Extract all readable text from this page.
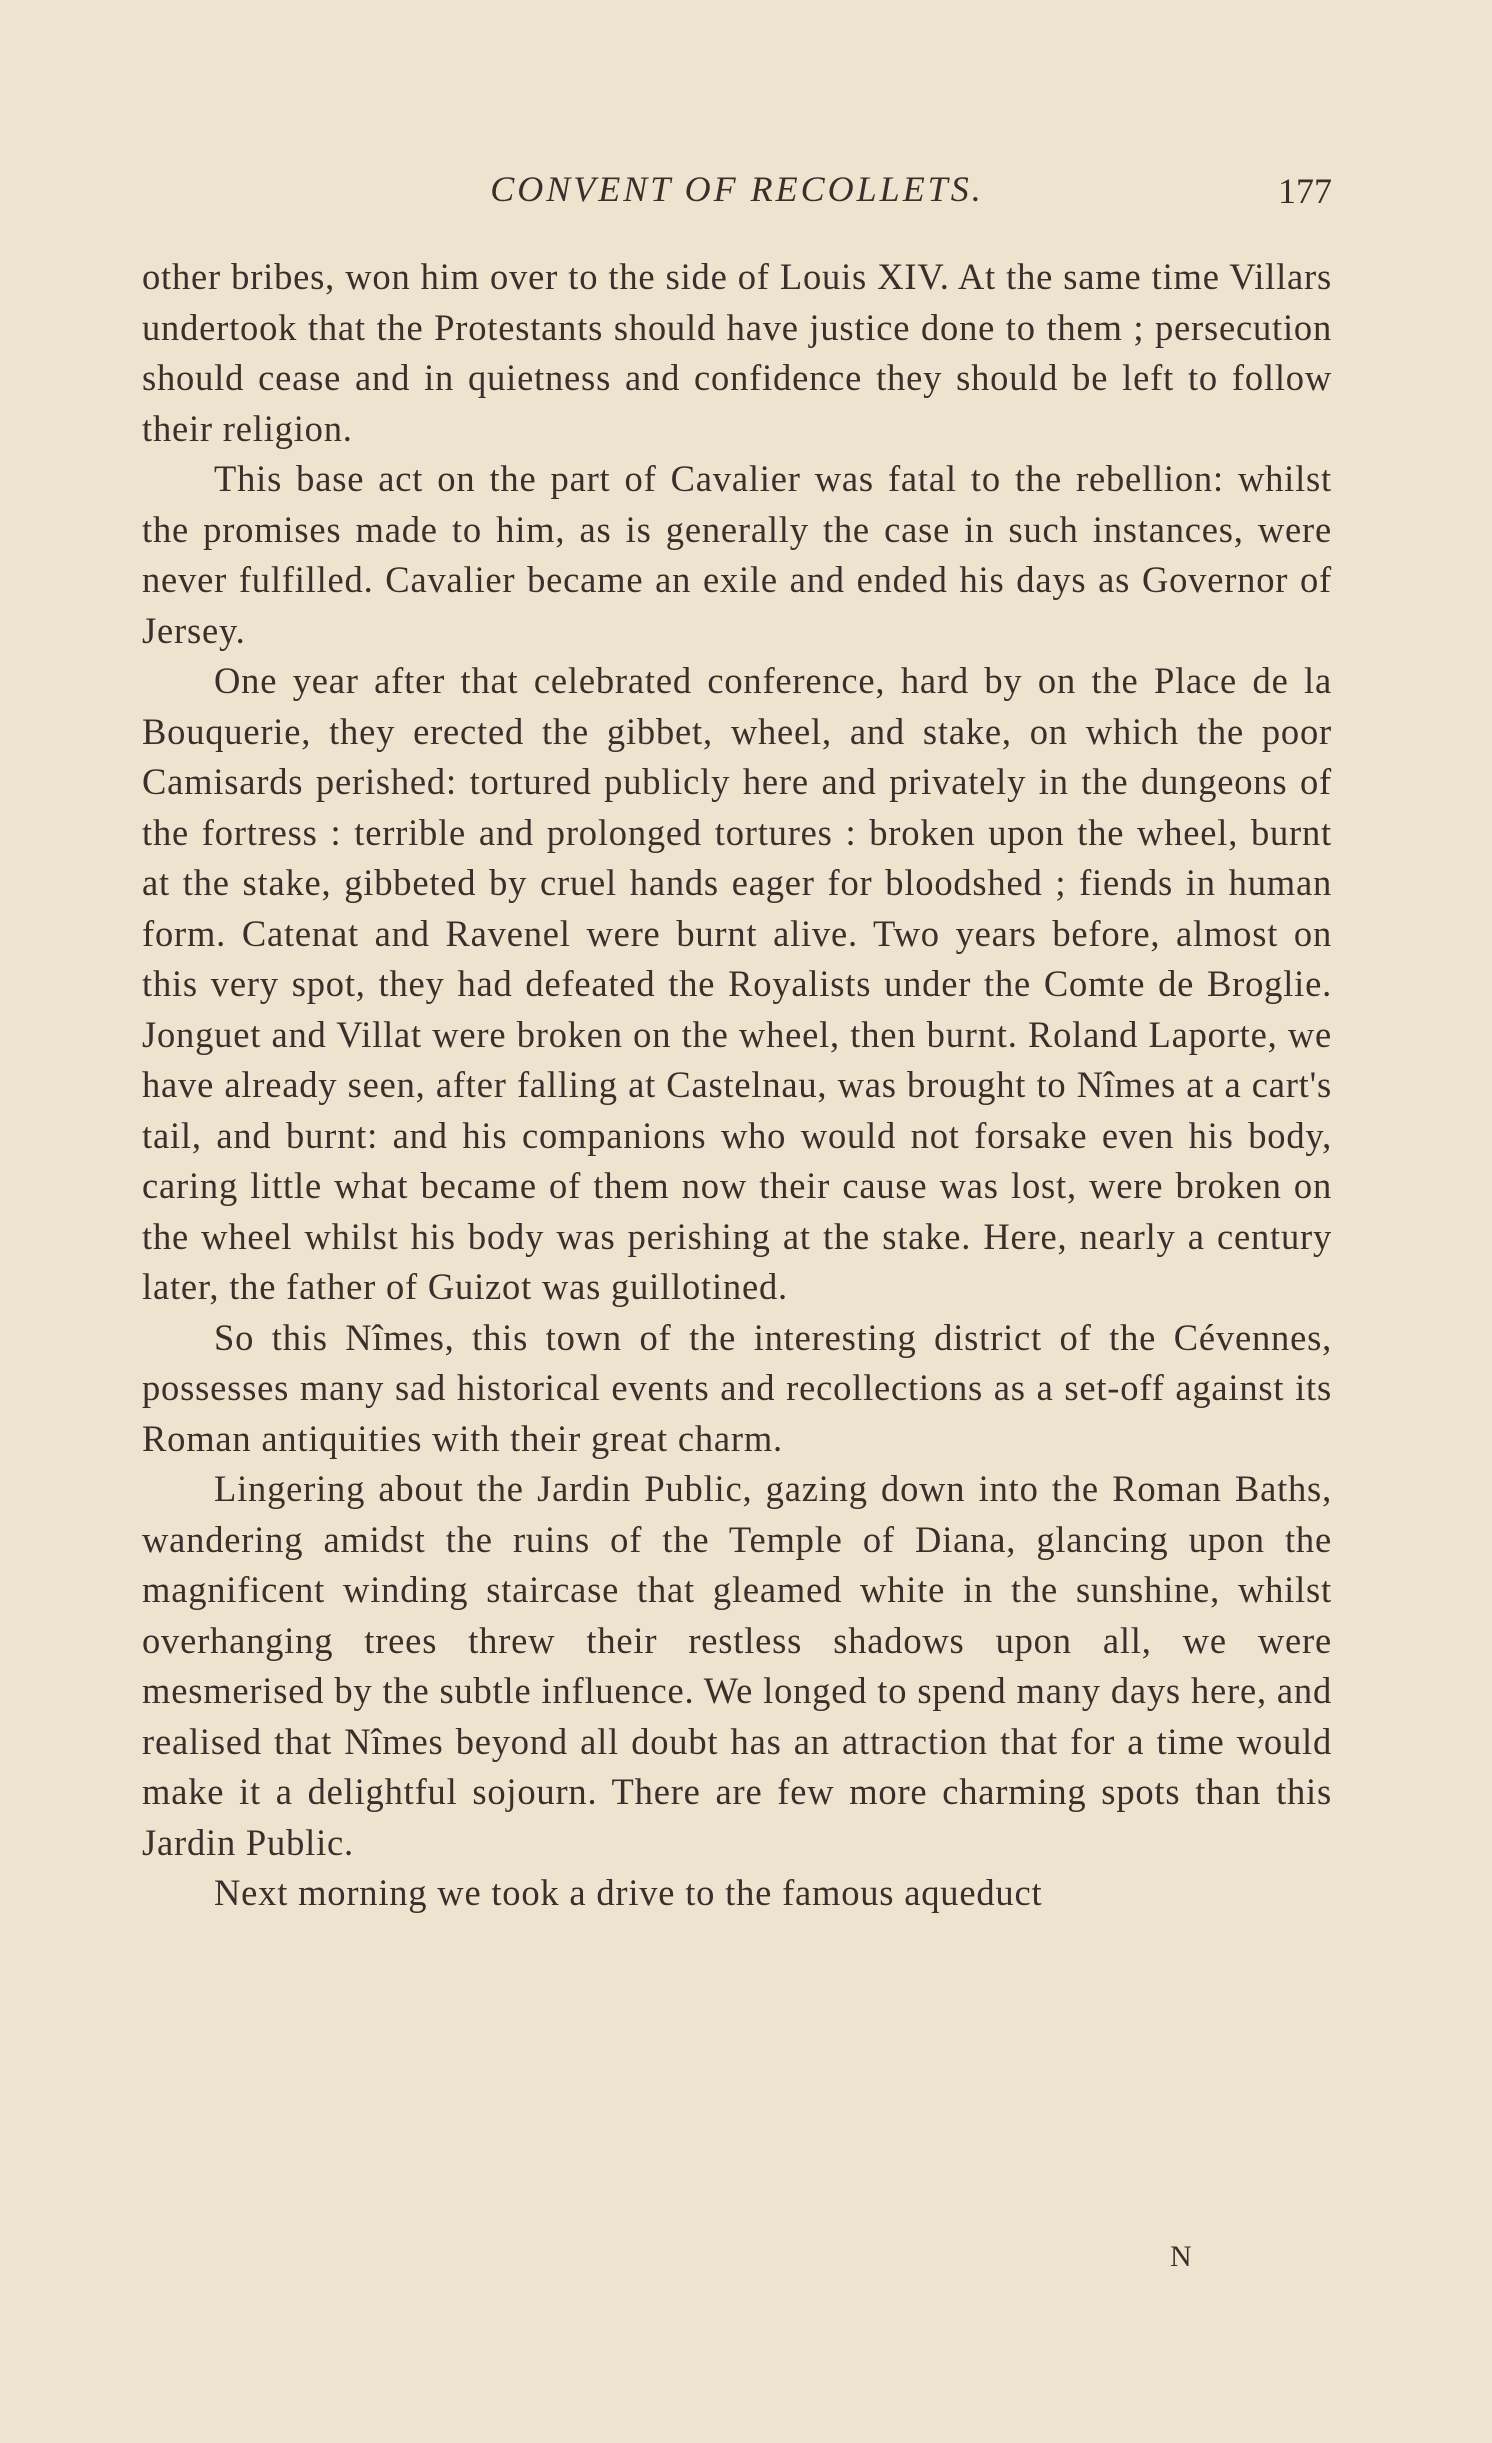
CONVENT OF RECOLLETS.	177

other bribes, won him over to the side of Louis XIV. At the same time Villars undertook that the Protestants should have justice done to them ; persecution should cease and in quietness and confidence they should be left to follow their religion.

This base act on the part of Cavalier was fatal to the rebellion: whilst the promises made to him, as is generally the case in such instances, were never fulfilled. Cavalier became an exile and ended his days as Governor of Jersey.

One year after that celebrated conference, hard by on the Place de la Bouquerie, they erected the gibbet, wheel, and stake, on which the poor Camisards perished: tortured publicly here and privately in the dungeons of the fortress : terrible and prolonged tortures : broken upon the wheel, burnt at the stake, gibbeted by cruel hands eager for bloodshed ; fiends in human form. Catenat and Ravenel were burnt alive. Two years before, almost on this very spot, they had defeated the Royalists under the Comte de Broglie. Jonguet and Villat were broken on the wheel, then burnt. Roland Laporte, we have already seen, after falling at Castelnau, was brought to Nîmes at a cart's tail, and burnt: and his companions who would not forsake even his body, caring little what became of them now their cause was lost, were broken on the wheel whilst his body was perishing at the stake. Here, nearly a century later, the father of Guizot was guillotined.

So this Nîmes, this town of the interesting district of the Cévennes, possesses many sad historical events and recollections as a set-off against its Roman antiquities with their great charm.

Lingering about the Jardin Public, gazing down into the Roman Baths, wandering amidst the ruins of the Temple of Diana, glancing upon the magnificent winding staircase that gleamed white in the sunshine, whilst overhanging trees threw their restless shadows upon all, we were mesmerised by the subtle influence. We longed to spend many days here, and realised that Nîmes beyond all doubt has an attraction that for a time would make it a delightful sojourn. There are few more charming spots than this Jardin Public.

Next morning we took a drive to the famous aqueduct

N
